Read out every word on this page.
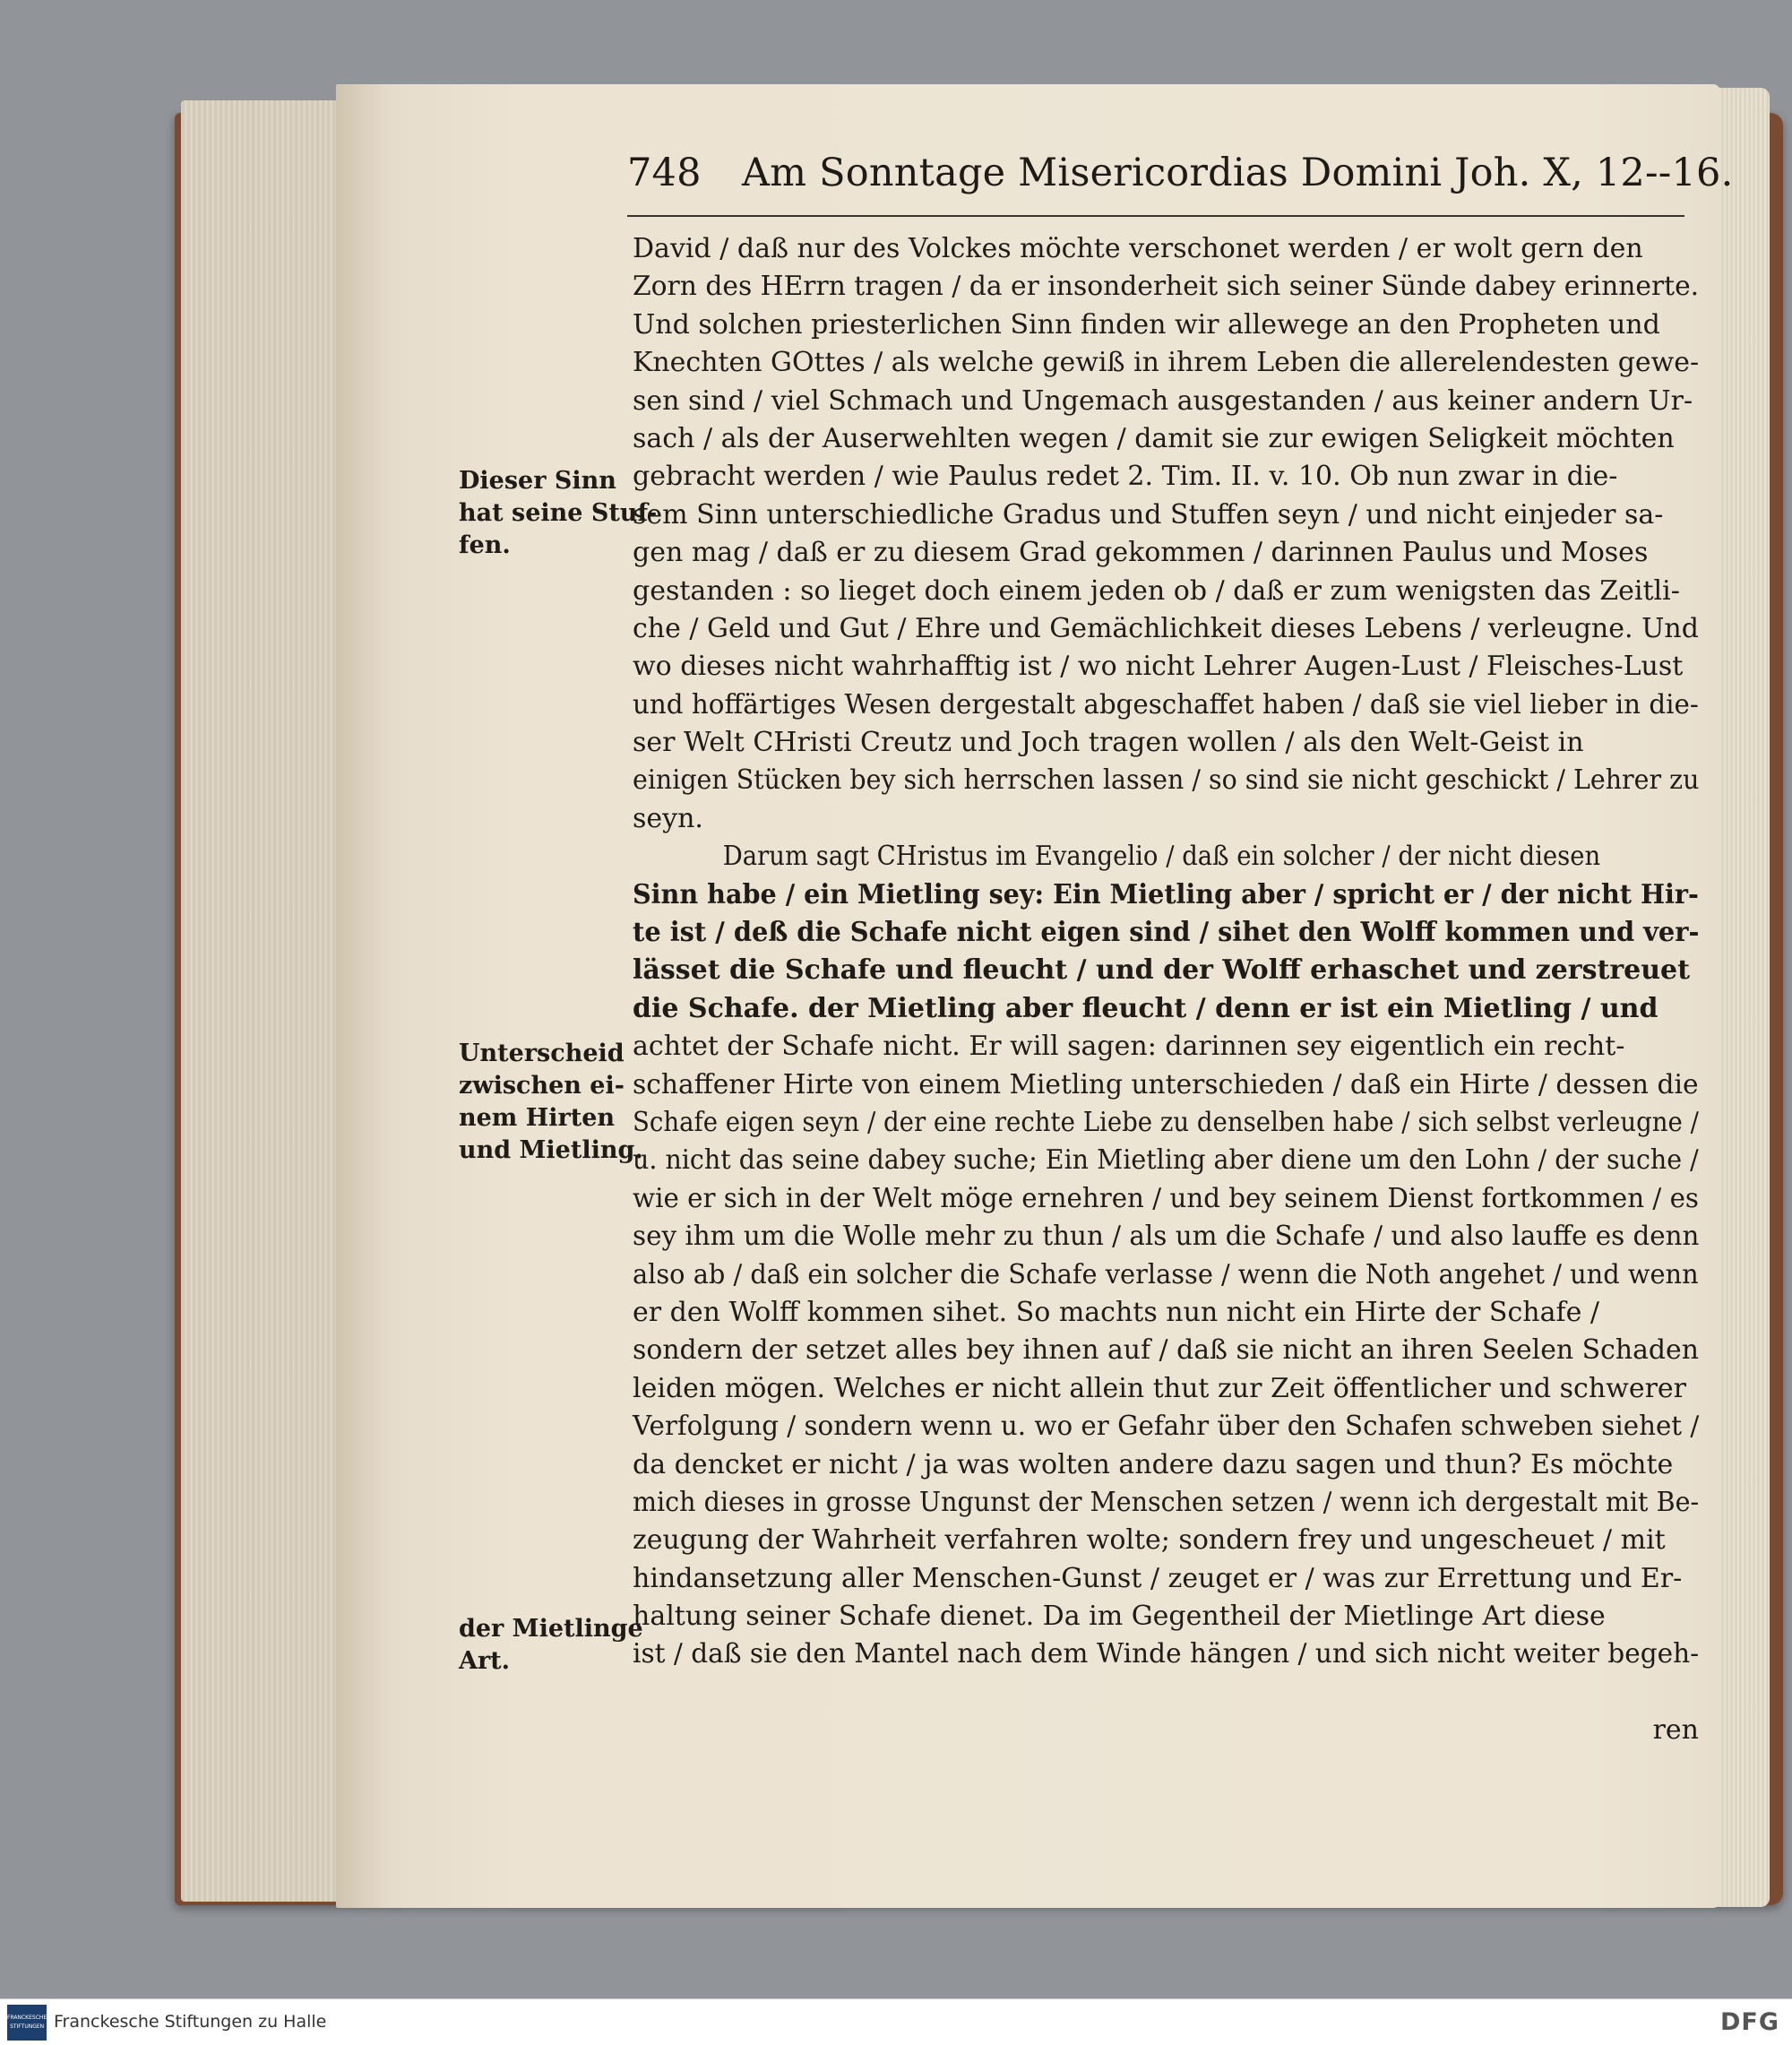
748 Am Sonntage Misericordias Domini Joh. X, 12--16.
Dieser Sinn
hat seine Stuf-
fen.
Unterscheid
zwischen ei-
nem Hirten
und Mietling.
der Mietlinge
Art.
David / daß nur des Volckes möchte verschonet werden / er wolt gern den
Zorn des HErrn tragen / da er insonderheit sich seiner Sünde dabey erinnerte.
Und solchen priesterlichen Sinn finden wir allewege an den Propheten und
Knechten GOttes / als welche gewiß in ihrem Leben die allerelendesten gewe-
sen sind / viel Schmach und Ungemach ausgestanden / aus keiner andern Ur-
sach / als der Auserwehlten wegen / damit sie zur ewigen Seligkeit möchten
gebracht werden / wie Paulus redet 2. Tim. II. v. 10. Ob nun zwar in die-
sem Sinn unterschiedliche Gradus und Stuffen seyn / und nicht einjeder sa-
gen mag / daß er zu diesem Grad gekommen / darinnen Paulus und Moses
gestanden : so lieget doch einem jeden ob / daß er zum wenigsten das Zeitli-
che / Geld und Gut / Ehre und Gemächlichkeit dieses Lebens / verleugne. Und
wo dieses nicht wahrhafftig ist / wo nicht Lehrer Augen-Lust / Fleisches-Lust
und hoffärtiges Wesen dergestalt abgeschaffet haben / daß sie viel lieber in die-
ser Welt CHristi Creutz und Joch tragen wollen / als den Welt-Geist in
einigen Stücken bey sich herrschen lassen / so sind sie nicht geschickt / Lehrer zu
seyn.
Darum sagt CHristus im Evangelio / daß ein solcher / der nicht diesen
Sinn habe / ein Mietling sey: Ein Mietling aber / spricht er / der nicht Hir-
te ist / deß die Schafe nicht eigen sind / sihet den Wolff kommen und ver-
lässet die Schafe und fleucht / und der Wolff erhaschet und zerstreuet
die Schafe. der Mietling aber fleucht / denn er ist ein Mietling / und
achtet der Schafe nicht. Er will sagen: darinnen sey eigentlich ein recht-
schaffener Hirte von einem Mietling unterschieden / daß ein Hirte / dessen die
Schafe eigen seyn / der eine rechte Liebe zu denselben habe / sich selbst verleugne /
u. nicht das seine dabey suche; Ein Mietling aber diene um den Lohn / der suche /
wie er sich in der Welt möge ernehren / und bey seinem Dienst fortkommen / es
sey ihm um die Wolle mehr zu thun / als um die Schafe / und also lauffe es denn
also ab / daß ein solcher die Schafe verlasse / wenn die Noth angehet / und wenn
er den Wolff kommen sihet. So machts nun nicht ein Hirte der Schafe /
sondern der setzet alles bey ihnen auf / daß sie nicht an ihren Seelen Schaden
leiden mögen. Welches er nicht allein thut zur Zeit öffentlicher und schwerer
Verfolgung / sondern wenn u. wo er Gefahr über den Schafen schweben siehet /
da dencket er nicht / ja was wolten andere dazu sagen und thun? Es möchte
mich dieses in grosse Ungunst der Menschen setzen / wenn ich dergestalt mit Be-
zeugung der Wahrheit verfahren wolte; sondern frey und ungescheuet / mit
hindansetzung aller Menschen-Gunst / zeuget er / was zur Errettung und Er-
haltung seiner Schafe dienet. Da im Gegentheil der Mietlinge Art diese
ist / daß sie den Mantel nach dem Winde hängen / und sich nicht weiter begeh-
ren
FRANCKESCHE STIFTUNGEN Franckesche Stiftungen zu Halle	DFG
